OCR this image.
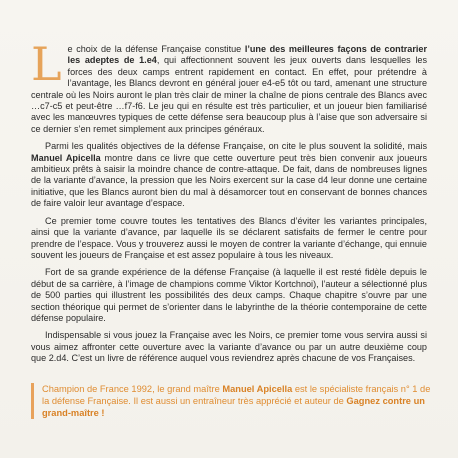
Le choix de la défense Française constitue l’une des meilleures façons de contrarier les adeptes de 1.e4, qui affectionnent souvent les jeux ouverts dans lesquelles les forces des deux camps entrent rapidement en contact. En effet, pour prétendre à l’avantage, les Blancs devront en général jouer e4-e5 tôt ou tard, amenant une structure centrale où les Noirs auront le plan très clair de miner la chaîne de pions centrale des Blancs avec …c7-c5 et peut-être …f7-f6. Le jeu qui en résulte est très particulier, et un joueur bien familiarisé avec les manœuvres typiques de cette défense sera beaucoup plus à l’aise que son adversaire si ce dernier s’en remet simplement aux principes généraux.

Parmi les qualités objectives de la défense Française, on cite le plus souvent la solidité, mais Manuel Apicella montre dans ce livre que cette ouverture peut très bien convenir aux joueurs ambitieux prêts à saisir la moindre chance de contre-attaque. De fait, dans de nombreuses lignes de la variante d’avance, la pression que les Noirs exercent sur la case d4 leur donne une certaine initiative, que les Blancs auront bien du mal à désamorcer tout en conservant de bonnes chances de faire valoir leur avantage d’espace.

Ce premier tome couvre toutes les tentatives des Blancs d’éviter les variantes principales, ainsi que la variante d’avance, par laquelle ils se déclarent satisfaits de fermer le centre pour prendre de l’espace. Vous y trouverez aussi le moyen de contrer la variante d’échange, qui ennuie souvent les joueurs de Française et est assez populaire à tous les niveaux.

Fort de sa grande expérience de la défense Française (à laquelle il est resté fidèle depuis le début de sa carrière, à l’image de champions comme Viktor Kortchnoi), l’auteur a sélectionné plus de 500 parties qui illustrent les possibilités des deux camps. Chaque chapitre s’ouvre par une section théorique qui permet de s’orienter dans le labyrinthe de la théorie contemporaine de cette défense populaire.

Indispensable si vous jouez la Française avec les Noirs, ce premier tome vous servira aussi si vous aimez affronter cette ouverture avec la variante d’avance ou par un autre deuxième coup que 2.d4. C’est un livre de référence auquel vous reviendrez après chacune de vos Françaises.

Champion de France 1992, le grand maître Manuel Apicella est le spécialiste français n° 1 de la défense Française. Il est aussi un entraîneur très apprécié et auteur de Gagnez contre un grand-maître !
